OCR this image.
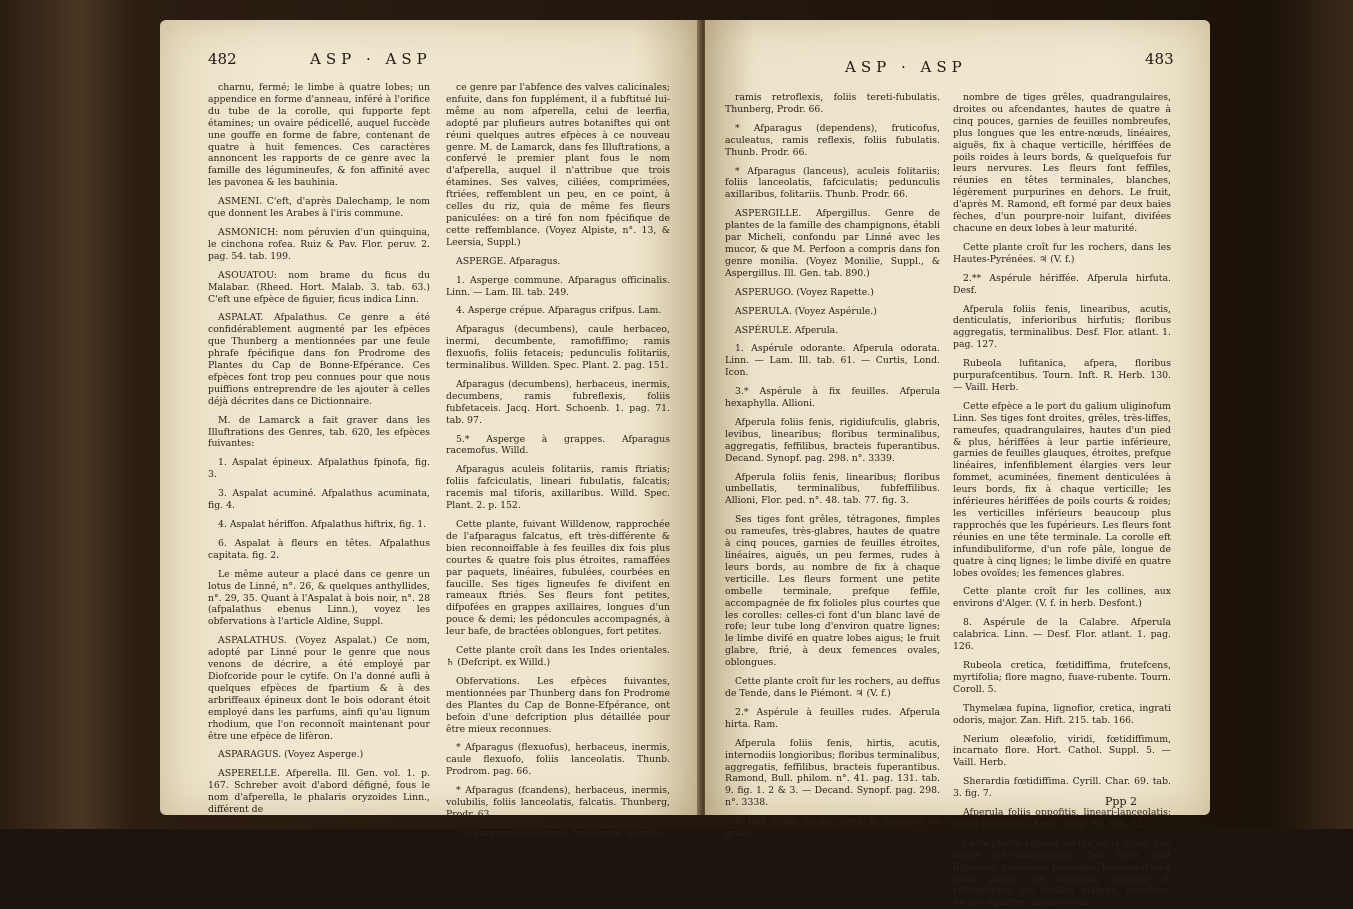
482	ASP · ASP

charnu, fermé; le limbe à quatre lobes; un appendice en forme d'anneau, inféré à l'orifice du tube de la corolle, qui fupporte fept étamines; un ovaire pédicellé, auquel fuccède une gouffe en forme de fabre, contenant de quatre à huit femences. Ces caractères annoncent les rapports de ce genre avec la famille des légumineufes, & fon affinité avec les pavonea & les bauhinia.

ASMENI. C'eft, d'après Dalechamp, le nom que donnent les Arabes à l'iris commune.

ASMONICH: nom péruvien d'un quinquina, le cinchona rofea. Ruiz & Pav. Flor. peruv. 2. pag. 54. tab. 199.

ASOUATOU: nom brame du ficus du Malabar. (Rheed. Hort. Malab. 3. tab. 63.) C'eft une efpèce de figuier, ficus indica Linn.

ASPALAT. Afpalathus. Ce genre a été confidérablement augmenté par les efpèces que Thunberg a mentionnées par une feule phrafe fpécifique dans fon Prodrome des Plantes du Cap de Bonne-Efpérance. Ces efpèces font trop peu connues pour que nous puiffions entreprendre de les ajouter à celles déjà décrites dans ce Dictionnaire.

M. de Lamarck a fait graver dans les Illuftrations des Genres, tab. 620, les efpèces fuivantes:

1. Aspalat épineux. Afpalathus fpinofa, fig. 3.

3. Aspalat acuminé. Afpalathus acuminata, fig. 4.

4. Aspalat hériffon. Afpalathus hiftrix, fig. 1.

6. Aspalat à fleurs en têtes. Afpalathus capitata. fig. 2.

Le même auteur a placé dans ce genre un lotus de Linné, n°. 26, & quelques anthyllides, n°. 29, 35. Quant à l'Aspalat à bois noir, n°. 28 (afpalathus ebenus Linn.), voyez les obfervations à l'article Aldine, Suppl.

ASPALATHUS. (Voyez Aspalat.) Ce nom, adopté par Linné pour le genre que nous venons de décrire, a été employé par Diofcoride pour le cytife. On l'a donné aufli à quelques efpèces de fpartium & à des arbriffeaux épineux dont le bois odorant étoit employé dans les parfums, ainfi qu'au lignum rhodium, que l'on reconnoît maintenant pour être une efpèce de lifèron.

ASPARAGUS. (Voyez Asperge.)

ASPERELLE. Afperella. Ill. Gen. vol. 1. p. 167. Schreber avoit d'abord défigné, fous le nom d'afperella, le phalaris oryzoides Linn., différent de

ce genre par l'abfence des valves calicinales; enfuite, dans fon fupplément, il a fubftitué lui-même au nom afperella, celui de leerfia, adopté par plufieurs autres botaniftes qui ont réuni quelques autres efpèces à ce nouveau genre. M. de Lamarck, dans fes Illuftrations, a confervé le premier plant fous le nom d'afperella, auquel il n'attribue que trois étamines. Ses valves, ciliées, comprimées, ftriées, reffemblent un peu, en ce point, à celles du riz, quia de même fes fleurs paniculées: on a tiré fon nom fpécifique de cette reffemblance. (Voyez Alpiste, n°. 13, & Leersia, Suppl.)

ASPERGE. Afparagus.

1. Asperge commune. Afparagus officinalis. Linn. — Lam. Ill. tab. 249.

4. Asperge crépue. Afparagus crifpus. Lam.

Afparagus (decumbens), caule herbaceo, inermi, decumbente, ramofiffimo; ramis flexuofis, foliis fetaceis; pedunculis folitariis, terminalibus. Willden. Spec. Plant. 2. pag. 151.

Afparagus (decumbens), herbaceus, inermis, decumbens, ramis fubreflexis, foliis fubfetaceis. Jacq. Hort. Schoenb. 1. pag. 71. tab. 97.

5.* Asperge à grappes. Afparagus racemofus. Willd.

Afparagus aculeis folitariis, ramis ftriatis; foliis fafciculatis, lineari fubulatis, falcatis; racemis mal tiforis, axillaribus. Willd. Spec. Plant. 2. p. 152.

Cette plante, fuivant Willdenow, rapprochée de l'afparagus falcatus, eft très-différente & bien reconnoiffable à fes feuilles dix fois plus courtes & quatre fois plus étroites, ramaffées par paquets, linéaires, fubulées, courbées en faucille. Ses tiges ligneufes fe divifent en rameaux ftriés. Ses fleurs font petites, difpofées en grappes axillaires, longues d'un pouce & demi; les pédoncules accompagnés, à leur bafe, de bractées oblongues, fort petites.

Cette plante croît dans les Indes orientales. ♄ (Defcript. ex Willd.)

Obfervations. Les efpèces fuivantes, mentionnées par Thunberg dans fon Prodrome des Plantes du Cap de Bonne-Efpérance, ont befoin d'une defcription plus détaillée pour être mieux reconnues.

* Afparagus (flexuofus), herbaceus, inermis, caule flexuofo, foliis lanceolatis. Thunb. Prodrom. pag. 66.

* Afparagus (fcandens), herbaceus, inermis, volubilis, foliis lanceolatis, falcatis. Thunberg, Prodr. 63.

* Afparagus (fubulatus), frutefcens, inermis,

ASP · ASP	483

ramis retroflexis, foliis tereti-fubulatis. Thunberg, Prodr. 66.

* Afparagus (dependens), fruticofus, aculeatus, ramis reflexis, foliis fubulatis. Thunb. Prodr. 66.

* Afparagus (lanceus), aculeis folitariis; foliis lanceolatis, fafciculatis; pedunculis axillaribus, folitariis. Thunb. Prodr. 66.

ASPERGILLE. Afpergillus. Genre de plantes de la famille des champignons, établi par Micheli, confondu par Linné avec les mucor, & que M. Perfoon a compris dans fon genre monilia. (Voyez Monilie, Suppl., & Aspergillus. Ill. Gen. tab. 890.)

ASPERUGO. (Voyez Rapette.)

ASPERULA. (Voyez Aspérule.)

ASPÉRULE. Afperula.

1. Aspérule odorante. Afperula odorata. Linn. — Lam. Ill. tab. 61. — Curtis, Lond. Icon.

3.* Aspérule à fix feuilles. Afperula hexaphylla. Allioni.

Afperula foliis fenis, rigidiufculis, glabris, levibus, linearibus; floribus terminalibus, aggregatis, feffilibus, bracteis fuperantibus. Decand. Synopf. pag. 298. n°. 3339.

Afperula foliis fenis, linearibus; floribus umbellatis, terminalibus, fubfeffilibus. Allioni, Flor. ped. n°. 48. tab. 77. fig. 3.

Ses tiges font grêles, tétragones, fimples ou rameufes, très-glabres, hautes de quatre à cinq pouces, garnies de feuilles étroites, linéaires, aiguës, un peu fermes, rudes à leurs bords, au nombre de fix à chaque verticille. Les fleurs forment une petite ombelle terminale, prefque feffile, accompagnée de fix folioles plus courtes que les corolles: celles-ci font d'un blanc lavé de rofe; leur tube long d'environ quatre lignes; le limbe divifé en quatre lobes aigus; le fruit glabre, ftrié, à deux femences ovales, oblongues.

Cette plante croît fur les rochers, au deffus de Tende, dans le Piémont. ♃ (V. f.)

2.* Aspérule à feuilles rudes. Afperula hirta. Ram.

Afperula foliis fenis, hirtis, acutis, internodiis longioribus; floribus terminalibus, aggregatis, feffilibus, bracteis fuperantibus. Ramond, Bull. philom. n°. 41. pag. 131. tab. 9. fig. 1. 2 & 3. — Decand. Synopf. pag. 298. n°. 3338.

Il fort d'une racine forte & ligneufe un grand

nombre de tiges grêles, quadrangulaires, droites ou afcendantes, hautes de quatre à cinq pouces, garnies de feuilles nombreufes, plus longues que les entre-nœuds, linéaires, aiguës, fix à chaque verticille, hériffées de poils roides à leurs bords, & quelquefois fur leurs nervures. Les fleurs font feffiles, réunies en têtes terminales, blanches, légèrement purpurines en dehors. Le fruit, d'après M. Ramond, eft formé par deux baies fèches, d'un pourpre-noir luifant, divifées chacune en deux lobes à leur maturité.

Cette plante croît fur les rochers, dans les Hautes-Pyrénées. ♃ (V. f.)

2.** Aspérule hériffée. Afperula hirfuta. Desf.

Afperula foliis fenis, linearibus, acutis, denticulatis, inferioribus hirfutis; floribus aggregatis, terminalibus. Desf. Flor. atlant. 1. pag. 127.

Rubeola lufitanica, afpera, floribus purpurafcentibus. Tourn. Inft. R. Herb. 130. — Vaill. Herb.

Cette efpèce a le port du galium uliginofum Linn. Ses tiges font droites, grêles, très-liffes, rameufes, quadrangulaires, hautes d'un pied & plus, hériffées à leur partie inférieure, garnies de feuilles glauques, étroites, prefque linéaires, infenfiblement élargies vers leur fommet, acuminées, finement denticulées à leurs bords, fix à chaque verticille; les inférieures hériffées de poils courts & roides; les verticilles inférieurs beaucoup plus rapprochés que les fupérieurs. Les fleurs font réunies en une tête terminale. La corolle eft infundibuliforme, d'un rofe pâle, longue de quatre à cinq lignes; le limbe divifé en quatre lobes ovoïdes; les femences glabres.

Cette plante croît fur les collines, aux environs d'Alger. (V. f. in herb. Desfont.)

8. Aspérule de la Calabre. Afperula calabrica. Linn. — Desf. Flor. atlant. 1. pag. 126.

Rubeola cretica, fœtidiffima, frutefcens, myrtifolia; flore magno, fuave-rubente. Tourn. Coroll. 5.

Thymelæa fupina, lignofior, cretica, ingrati odoris, major. Zan. Hift. 215. tab. 166.

Nerium oleæfolio, viridi, fœtidiffimum, incarnato flore. Hort. Cathol. Suppl. 5. — Vaill. Herb.

Sherardia fœtidiffima. Cyrill. Char. 69. tab. 3. fig. 7.

Afperula foliis oppofitis, lineari-lanceolatis; caule fruticofo. Lhérit. Stirp. 65. tab. 32.

Cette plante répand, lorfqu'on la broie, une odeur très-défagréable. Ses tiges font ligneufes, couchées, rameufes, longues d'un à deux pieds; les rameaux oppofés & cylindriques; les feuilles glabres, oppofées, un peu épaiffes, linéaires-lan-

Ppp 2
